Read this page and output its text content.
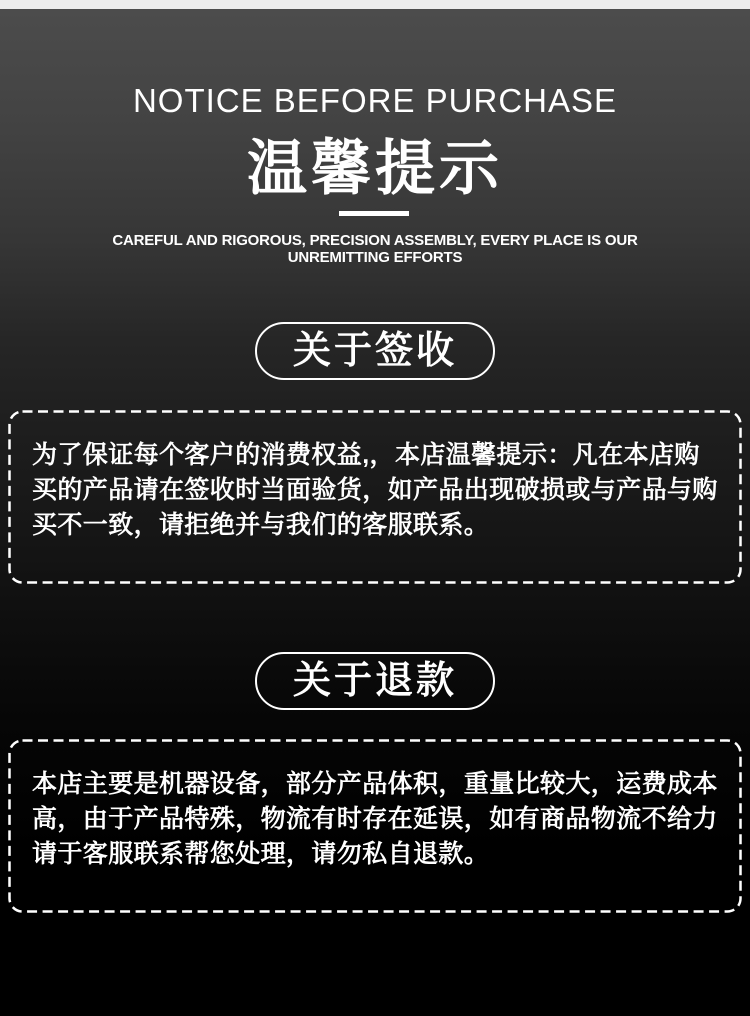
NOTICE BEFORE PURCHASE
温馨提示
CAREFUL AND RIGOROUS, PRECISION ASSEMBLY, EVERY PLACE IS OUR
UNREMITTING EFFORTS
关于签收
为了保证每个客户的消费权益,，本店温馨提示：凡在本店购买的产品请在签收时当面验货，如产品出现破损或与产品与购买不一致，请拒绝并与我们的客服联系。
关于退款
本店主要是机器设备，部分产品体积，重量比较大，运费成本高，由于产品特殊，物流有时存在延误，如有商品物流不给力请于客服联系帮您处理，请勿私自退款。
